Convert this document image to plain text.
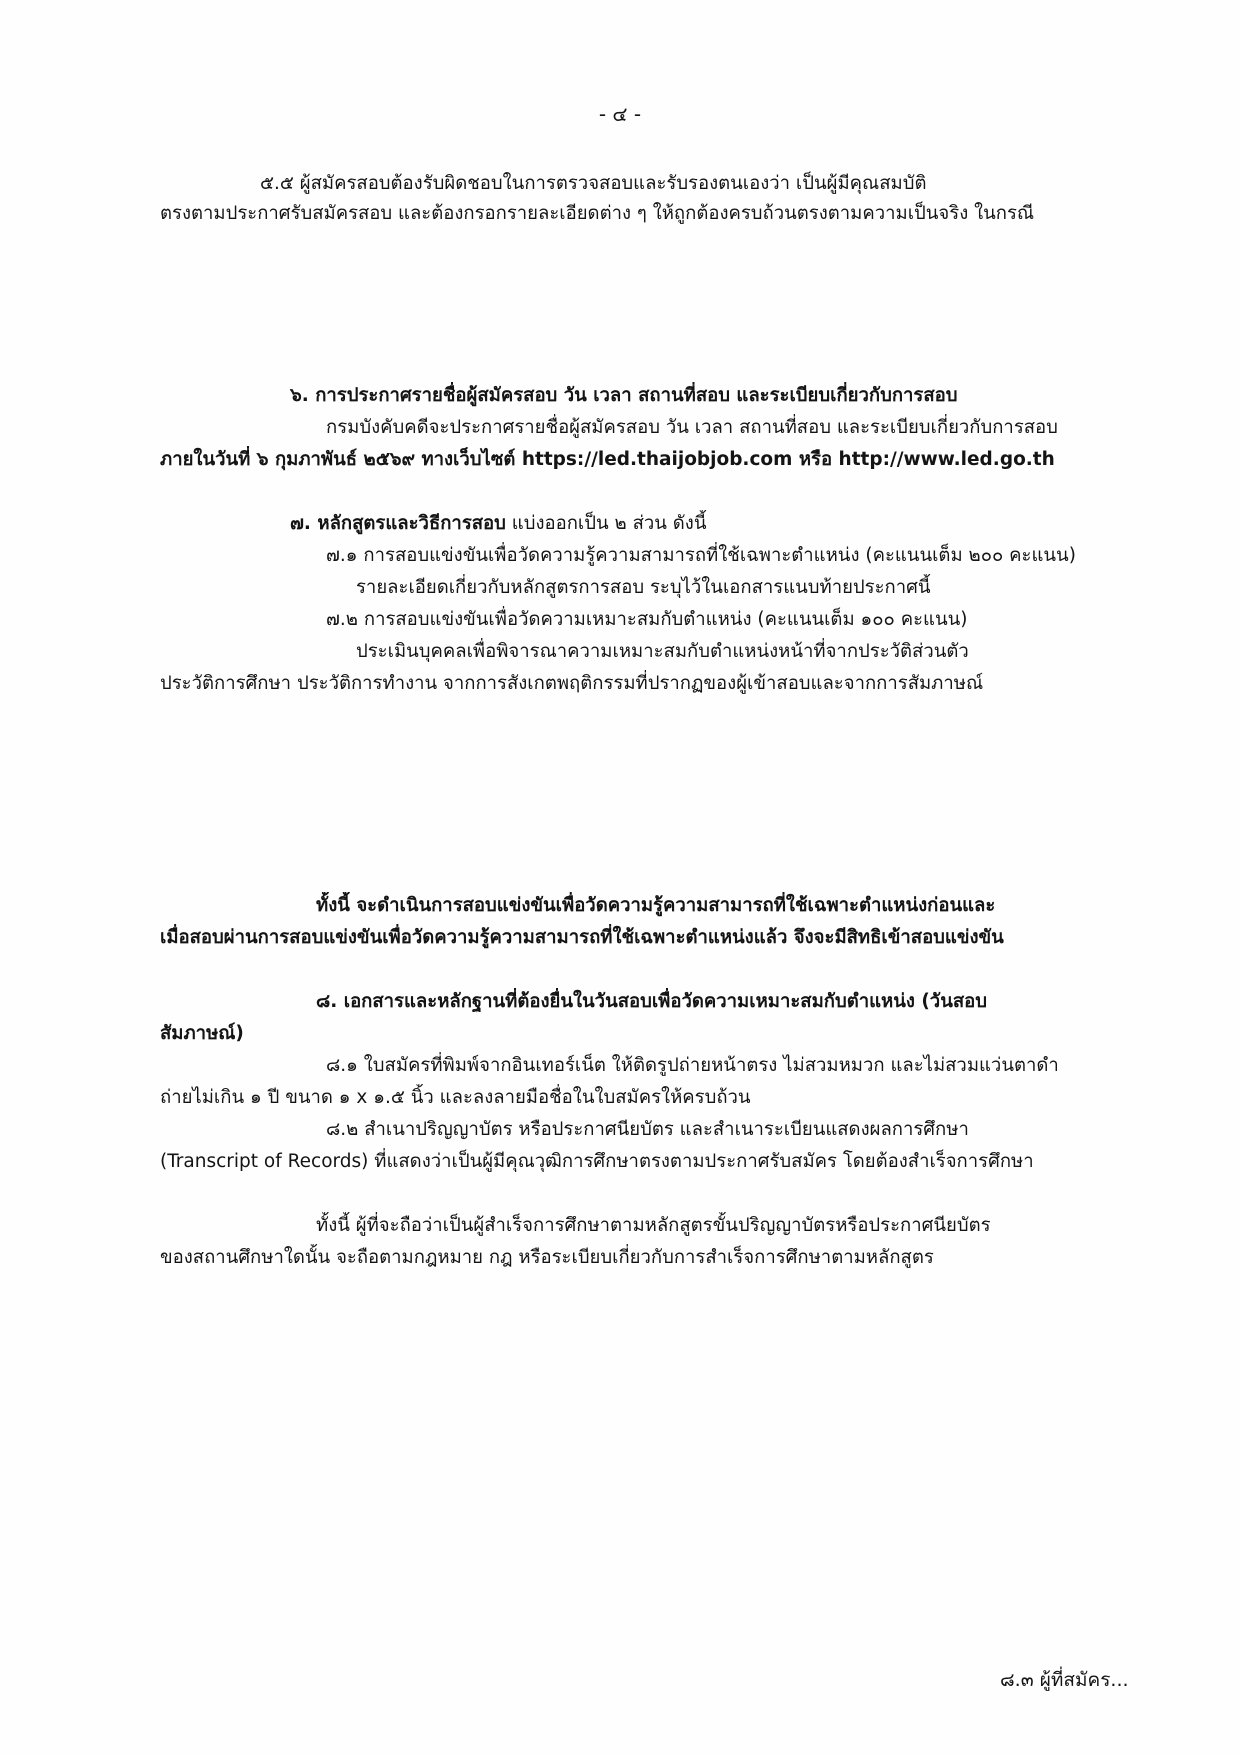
- ๔ -
๕.๕ ผู้สมัครสอบต้องรับผิดชอบในการตรวจสอบและรับรองตนเองว่า เป็นผู้มีคุณสมบัติ
ตรงตามประกาศรับสมัครสอบ และต้องกรอกรายละเอียดต่าง ๆ ให้ถูกต้องครบถ้วนตรงตามความเป็นจริง ในกรณี
๖. การประกาศรายชื่อผู้สมัครสอบ วัน เวลา สถานที่สอบ และระเบียบเกี่ยวกับการสอบ
กรมบังคับคดีจะประกาศรายชื่อผู้สมัครสอบ วัน เวลา สถานที่สอบ และระเบียบเกี่ยวกับการสอบ
ภายในวันที่ ๖ กุมภาพันธ์ ๒๕๖๙ ทางเว็บไซต์ https://led.thaijobjob.com หรือ http://www.led.go.th
๗. หลักสูตรและวิธีการสอบ แบ่งออกเป็น ๒ ส่วน ดังนี้
๗.๑ การสอบแข่งขันเพื่อวัดความรู้ความสามารถที่ใช้เฉพาะตำแหน่ง (คะแนนเต็ม ๒๐๐ คะแนน)
รายละเอียดเกี่ยวกับหลักสูตรการสอบ ระบุไว้ในเอกสารแนบท้ายประกาศนี้
๗.๒ การสอบแข่งขันเพื่อวัดความเหมาะสมกับตำแหน่ง (คะแนนเต็ม ๑๐๐ คะแนน)
ประเมินบุคคลเพื่อพิจารณาความเหมาะสมกับตำแหน่งหน้าที่จากประวัติส่วนตัว
ประวัติการศึกษา ประวัติการทำงาน จากการสังเกตพฤติกรรมที่ปรากฏของผู้เข้าสอบและจากการสัมภาษณ์
ทั้งนี้ จะดำเนินการสอบแข่งขันเพื่อวัดความรู้ความสามารถที่ใช้เฉพาะตำแหน่งก่อนและ
เมื่อสอบผ่านการสอบแข่งขันเพื่อวัดความรู้ความสามารถที่ใช้เฉพาะตำแหน่งแล้ว จึงจะมีสิทธิเข้าสอบแข่งขัน
๘. เอกสารและหลักฐานที่ต้องยื่นในวันสอบเพื่อวัดความเหมาะสมกับตำแหน่ง (วันสอบ
สัมภาษณ์)
๘.๑ ใบสมัครที่พิมพ์จากอินเทอร์เน็ต ให้ติดรูปถ่ายหน้าตรง ไม่สวมหมวก และไม่สวมแว่นตาดำ
ถ่ายไม่เกิน ๑ ปี ขนาด ๑ x ๑.๕ นิ้ว และลงลายมือชื่อในใบสมัครให้ครบถ้วน
๘.๒ สำเนาปริญญาบัตร หรือประกาศนียบัตร และสำเนาระเบียนแสดงผลการศึกษา
(Transcript of Records) ที่แสดงว่าเป็นผู้มีคุณวุฒิการศึกษาตรงตามประกาศรับสมัคร โดยต้องสำเร็จการศึกษา
ทั้งนี้ ผู้ที่จะถือว่าเป็นผู้สำเร็จการศึกษาตามหลักสูตรขั้นปริญญาบัตรหรือประกาศนียบัตร
ของสถานศึกษาใดนั้น จะถือตามกฎหมาย กฎ หรือระเบียบเกี่ยวกับการสำเร็จการศึกษาตามหลักสูตร
๘.๓ ผู้ที่สมัคร...
